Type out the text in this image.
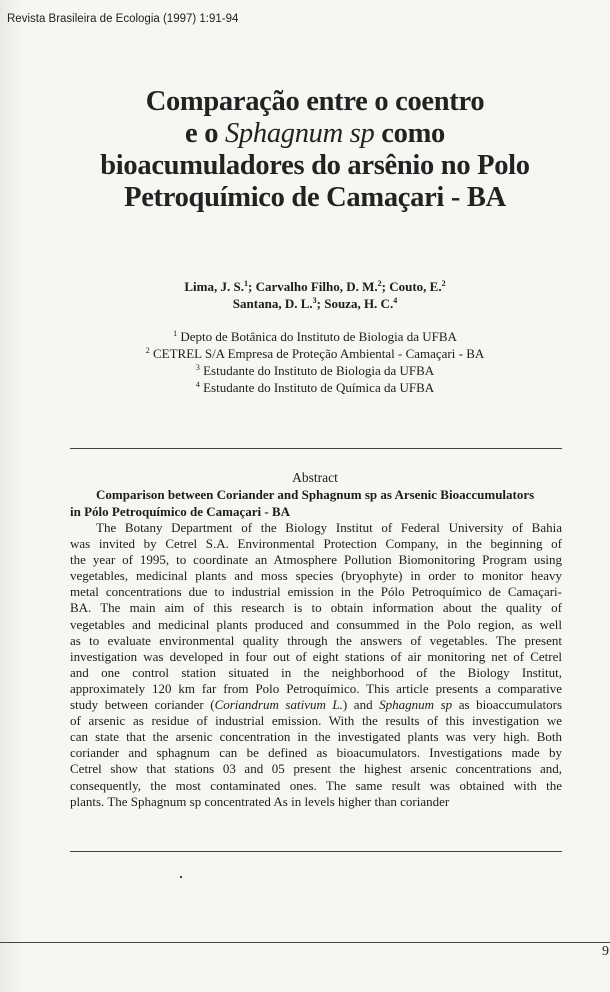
Revista Brasileira de Ecologia (1997) 1:91-94
Comparação entre o coentro
e o Sphagnum sp como
bioacumuladores do arsênio no Polo
Petroquímico de Camaçari - BA
Lima, J. S.$^1$; Carvalho Filho, D. M.$^2$; Couto, E.$^2$
Santana, D. L.$^3$; Souza, H. C.$^4$
$^1$ Depto de Botânica do Instituto de Biologia da UFBA
$^2$ CETREL S/A Empresa de Proteção Ambiental - Camaçari - BA
$^3$ Estudante do Instituto de Biologia da UFBA
$^4$ Estudante do Instituto de Química da UFBA
Abstract
Comparison between Coriander and Sphagnum sp as Arsenic Bioaccumulators
in Pólo Petroquímico de Camaçari - BA
The Botany Department of the Biology Institut of Federal University of Bahia
was invited by Cetrel S.A. Environmental Protection Company, in the beginning of
the year of 1995, to coordinate an Atmosphere Pollution Biomonitoring Program using
vegetables, medicinal plants and moss species (bryophyte) in order to monitor heavy
metal concentrations due to industrial emission in the Pólo Petroquímico de Camaçari-
BA. The main aim of this research is to obtain information about the quality of
vegetables and medicinal plants produced and consummed in the Polo region, as well
as to evaluate environmental quality through the answers of vegetables. The present
investigation was developed in four out of eight stations of air monitoring net of Cetrel
and one control station situated in the neighborhood of the Biology Institut,
approximately 120 km far from Polo Petroquímico. This article presents a comparative
study between coriander (Coriandrum sativum L.) and Sphagnum sp as bioaccumulators
of arsenic as residue of industrial emission. With the results of this investigation we
can state that the arsenic concentration in the investigated plants was very high. Both
coriander and sphagnum can be defined as bioacumulators. Investigations made by
Cetrel show that stations 03 and 05 present the highest arsenic concentrations and,
consequently, the most contaminated ones. The same result was obtained with the
plants. The Sphagnum sp concentrated As in levels higher than coriander
9
